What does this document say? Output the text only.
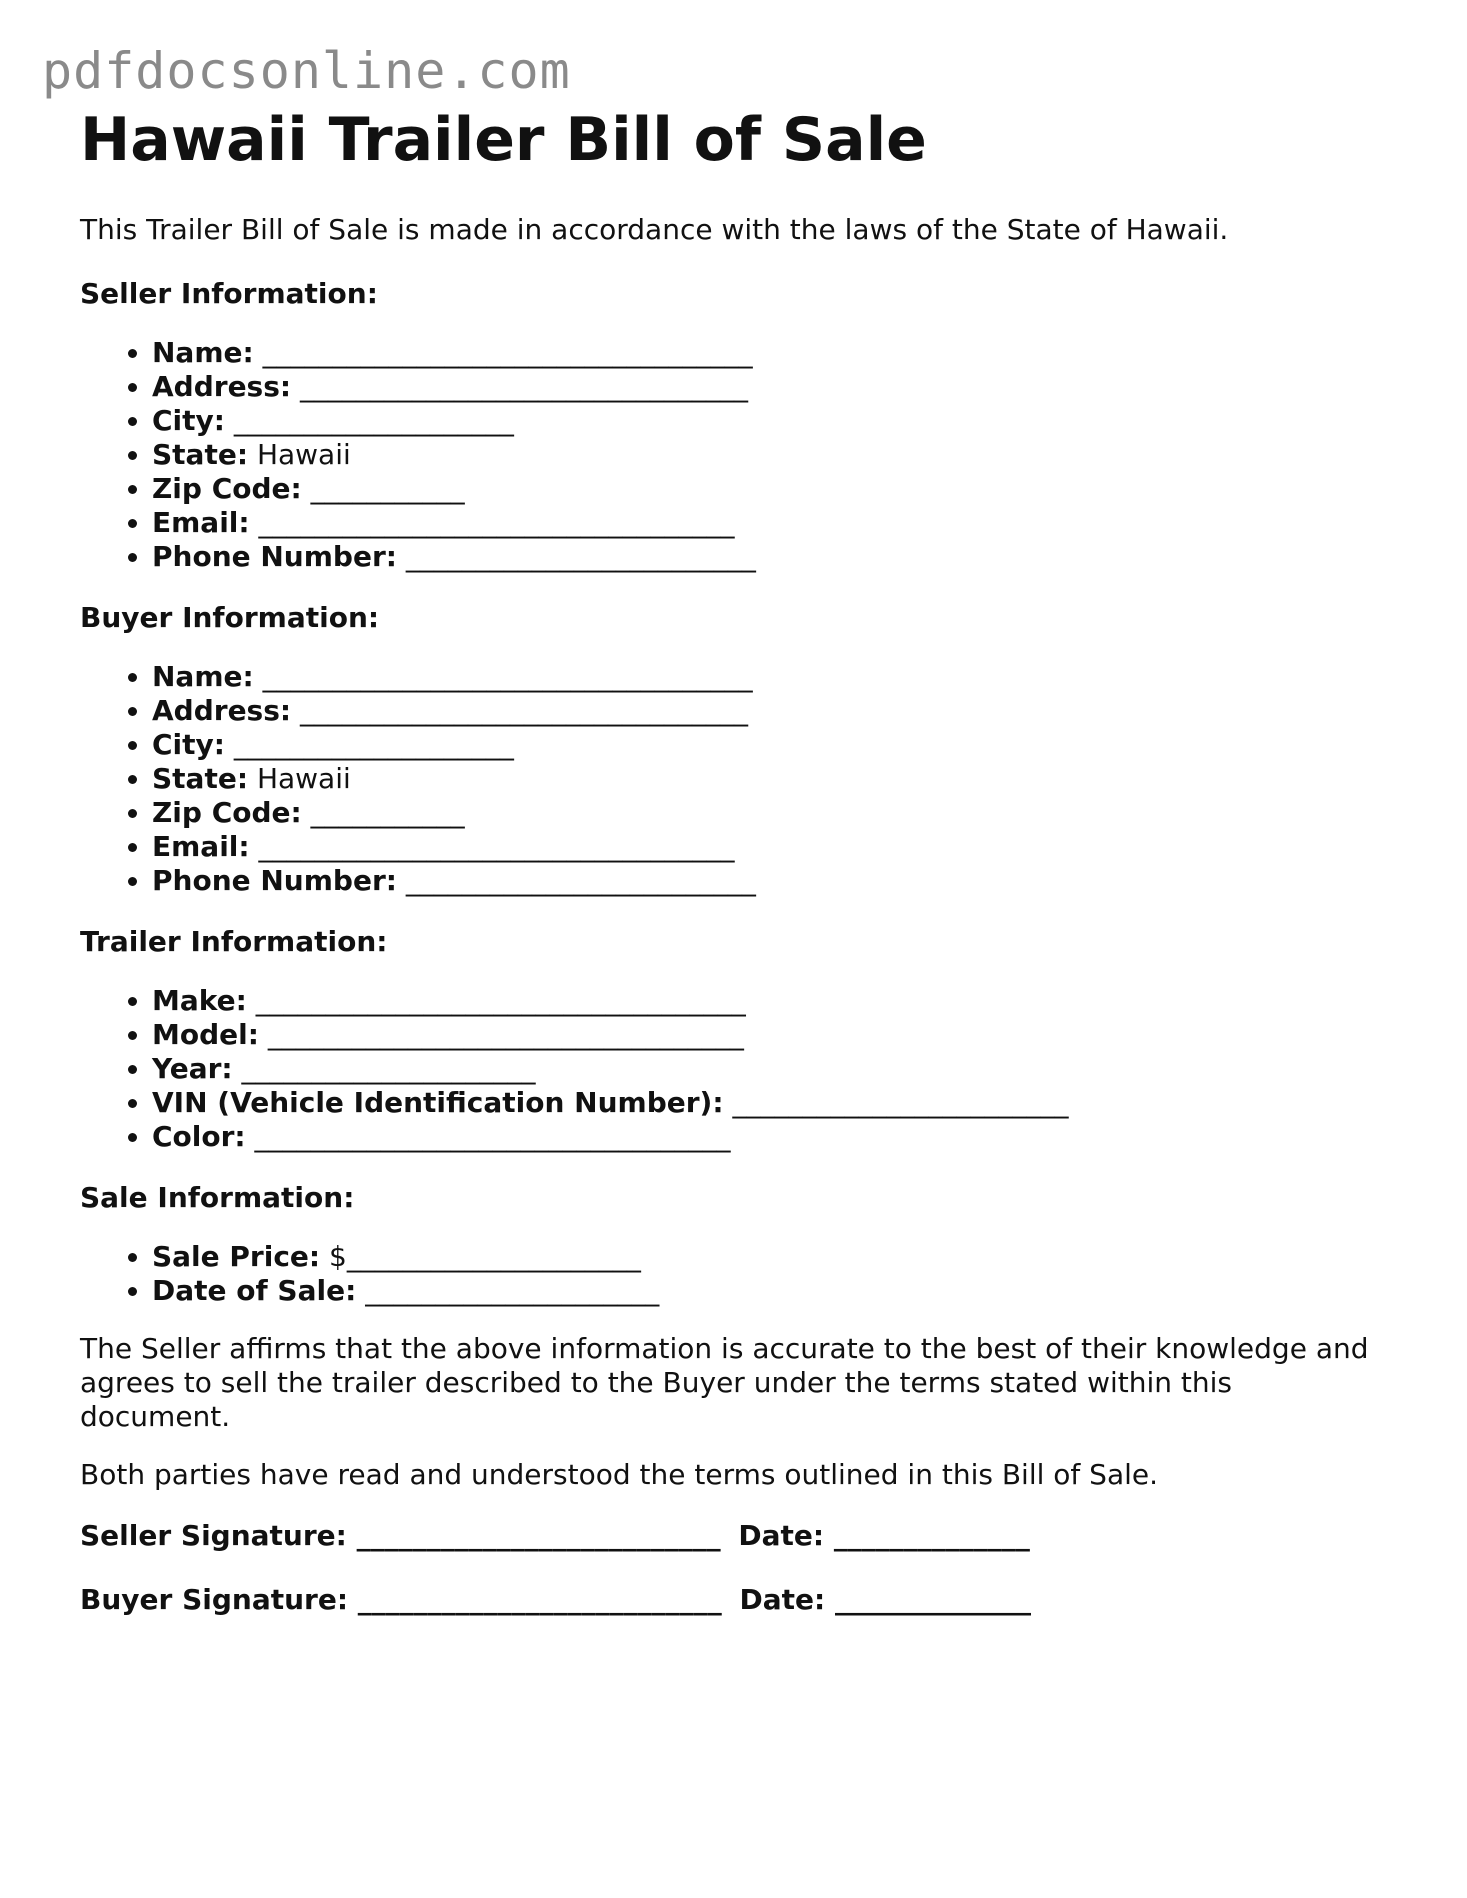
pdfdocsonline.com
Hawaii Trailer Bill of Sale

This Trailer Bill of Sale is made in accordance with the laws of the State of Hawaii.

Seller Information:
• Name: ___________________________________
• Address: ________________________________
• City: ____________________
• State: Hawaii
• Zip Code: ___________
• Email: __________________________________
• Phone Number: _________________________
Buyer Information:
• Name: ___________________________________
• Address: ________________________________
• City: ____________________
• State: Hawaii
• Zip Code: ___________
• Email: __________________________________
• Phone Number: _________________________
Trailer Information:
• Make: ___________________________________
• Model: __________________________________
• Year: _____________________
• VIN (Vehicle Identification Number): ________________________
• Color: __________________________________
Sale Information:
• Sale Price: $_____________________
• Date of Sale: _____________________

The Seller affirms that the above information is accurate to the best of their knowledge and agrees to sell the trailer described to the Buyer under the terms stated within this document.

Both parties have read and understood the terms outlined in this Bill of Sale.

Seller Signature: __________________________ Date: ______________
Buyer Signature: __________________________ Date: ______________
